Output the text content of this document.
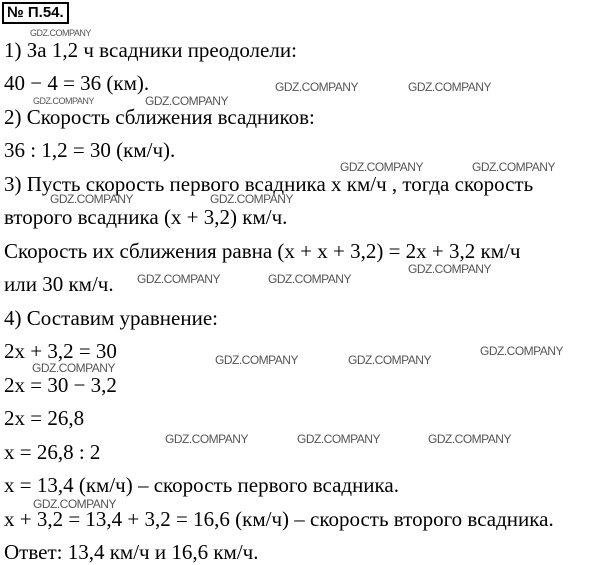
№ П.54.
1) За 1,2 ч всадники преодолели:
40 − 4 = 36 (км).
2) Скорость сближения всадников:
36 : 1,2 = 30 (км/ч).
3) Пусть скорость первого всадника x км/ч , тогда скорость
второго всадника (x + 3,2) км/ч.
Скорость их сближения равна (x + x + 3,2) = 2x + 3,2 км/ч
или 30 км/ч.
4) Составим уравнение:
2x + 3,2 = 30
2x = 30 − 3,2
2x = 26,8
x = 26,8 : 2
x = 13,4 (км/ч) – скорость первого всадника.
x + 3,2 = 13,4 + 3,2 = 16,6 (км/ч) – скорость второго всадника.
Ответ: 13,4 км/ч и 16,6 км/ч.
GDZ.COMPANY
GDZ.COMPANY	GDZ.COMPANY
GDZ.COMPANY	GDZ.COMPANY
GDZ.COMPANY	GDZ.COMPANY
GDZ.COMPANY	GDZ.COMPANY
GDZ.COMPANY
GDZ.COMPANY	GDZ.COMPANY
GDZ.COMPANY
GDZ.COMPANY	GDZ.COMPANY
GDZ.COMPANY
GDZ.COMPANY	GDZ.COMPANY	GDZ.COMPANY
GDZ.COMPANY
